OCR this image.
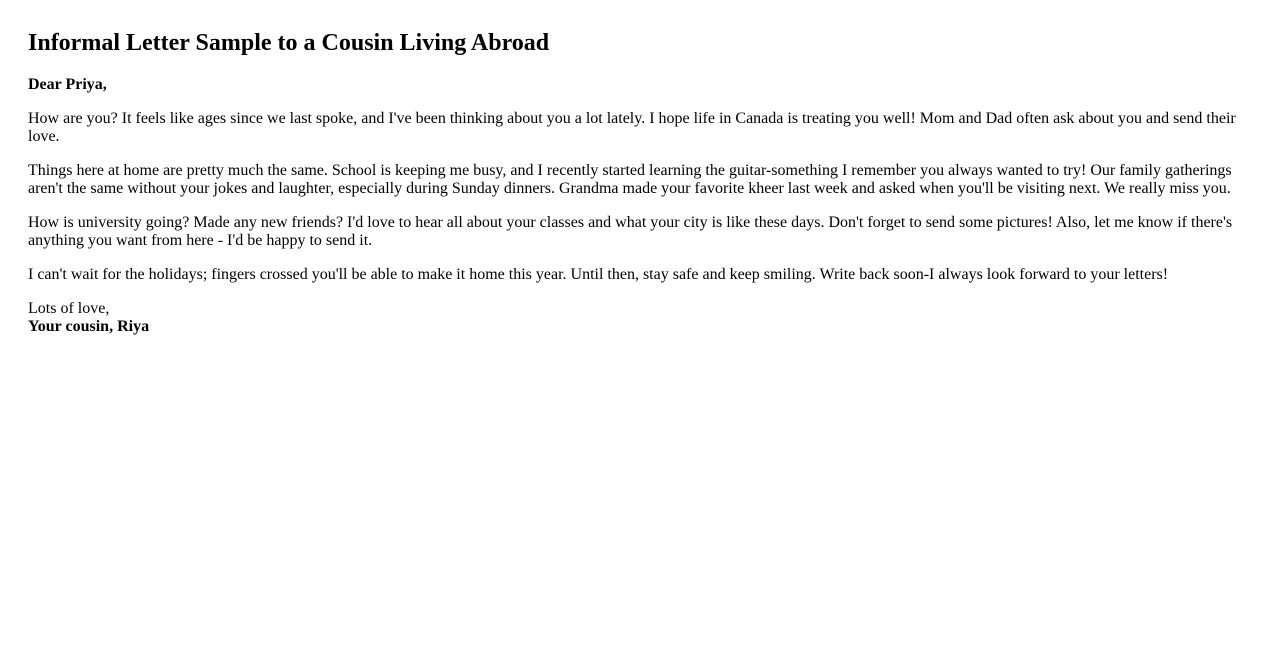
Informal Letter Sample to a Cousin Living Abroad

Dear Priya,

How are you? It feels like ages since we last spoke, and I've been thinking about you a lot lately. I hope life in Canada is treating you well! Mom and Dad often ask about you and send their love.

Things here at home are pretty much the same. School is keeping me busy, and I recently started learning the guitar-something I remember you always wanted to try! Our family gatherings aren't the same without your jokes and laughter, especially during Sunday dinners. Grandma made your favorite kheer last week and asked when you'll be visiting next. We really miss you.

How is university going? Made any new friends? I'd love to hear all about your classes and what your city is like these days. Don't forget to send some pictures! Also, let me know if there's anything you want from here - I'd be happy to send it.

I can't wait for the holidays; fingers crossed you'll be able to make it home this year. Until then, stay safe and keep smiling. Write back soon-I always look forward to your letters!

Lots of love,

Your cousin, Riya
